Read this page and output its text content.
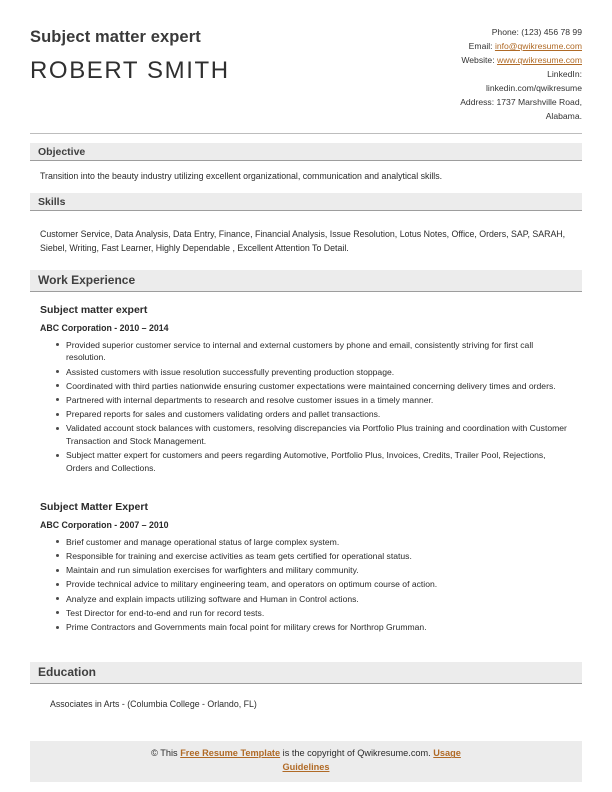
Subject matter expert
ROBERT SMITH
Phone: (123) 456 78 99
Email: info@qwikresume.com
Website: www.qwikresume.com
LinkedIn:
linkedin.com/qwikresume
Address: 1737 Marshville Road,
Alabama.
Objective
Transition into the beauty industry utilizing excellent organizational, communication and analytical skills.
Skills
Customer Service, Data Analysis, Data Entry, Finance, Financial Analysis, Issue Resolution, Lotus Notes, Office, Orders, SAP, SARAH, Siebel, Writing, Fast Learner, Highly Dependable , Excellent Attention To Detail.
Work Experience
Subject matter expert
ABC Corporation - 2010 – 2014
Provided superior customer service to internal and external customers by phone and email, consistently striving for first call resolution.
Assisted customers with issue resolution successfully preventing production stoppage.
Coordinated with third parties nationwide ensuring customer expectations were maintained concerning delivery times and orders.
Partnered with internal departments to research and resolve customer issues in a timely manner.
Prepared reports for sales and customers validating orders and pallet transactions.
Validated account stock balances with customers, resolving discrepancies via Portfolio Plus training and coordination with Customer Transaction and Stock Management.
Subject matter expert for customers and peers regarding Automotive, Portfolio Plus, Invoices, Credits, Trailer Pool, Rejections, Orders and Collections.
Subject Matter Expert
ABC Corporation - 2007 – 2010
Brief customer and manage operational status of large complex system.
Responsible for training and exercise activities as team gets certified for operational status.
Maintain and run simulation exercises for warfighters and military community.
Provide technical advice to military engineering team, and operators on optimum course of action.
Analyze and explain impacts utilizing software and Human in Control actions.
Test Director for end-to-end and run for record tests.
Prime Contractors and Governments main focal point for military crews for Northrop Grumman.
Education
Associates in Arts - (Columbia College - Orlando, FL)
© This Free Resume Template is the copyright of Qwikresume.com. Usage
Guidelines
